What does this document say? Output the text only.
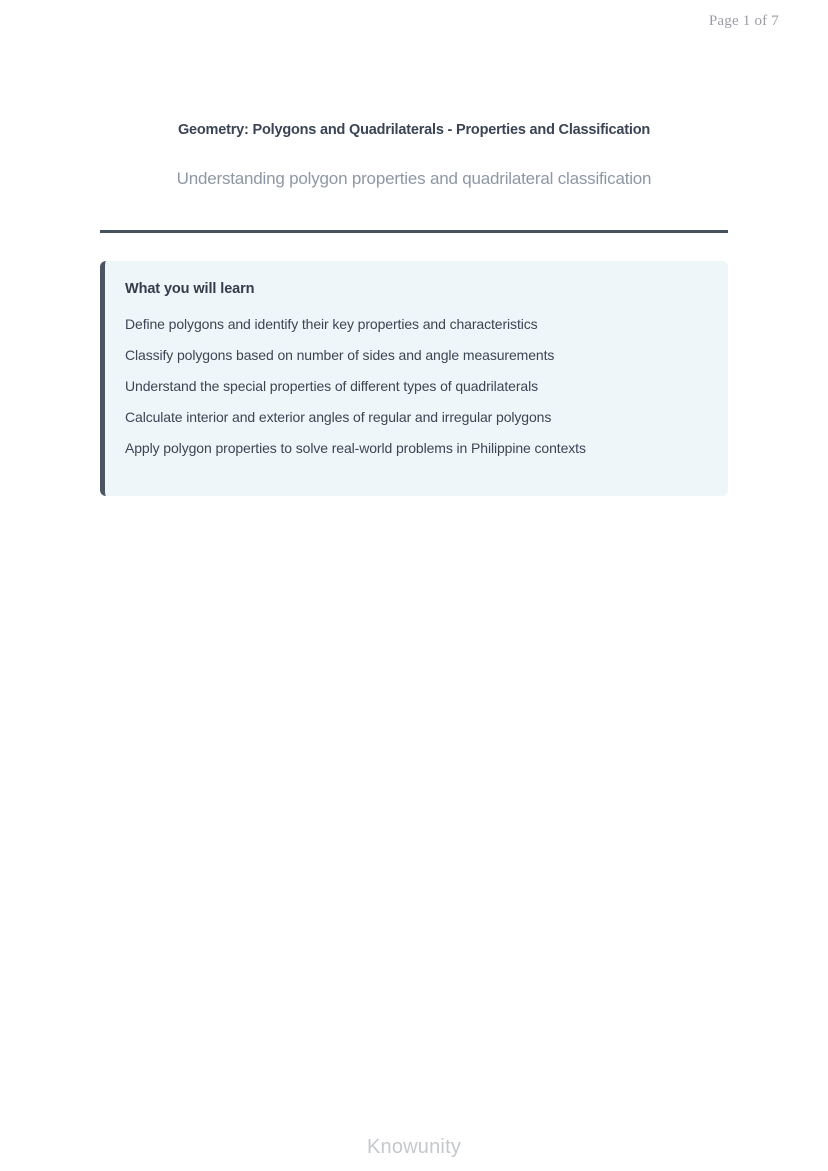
Page 1 of 7
Geometry: Polygons and Quadrilaterals - Properties and Classification
Understanding polygon properties and quadrilateral classification
What you will learn
Define polygons and identify their key properties and characteristics
Classify polygons based on number of sides and angle measurements
Understand the special properties of different types of quadrilaterals
Calculate interior and exterior angles of regular and irregular polygons
Apply polygon properties to solve real-world problems in Philippine contexts
Knowunity
